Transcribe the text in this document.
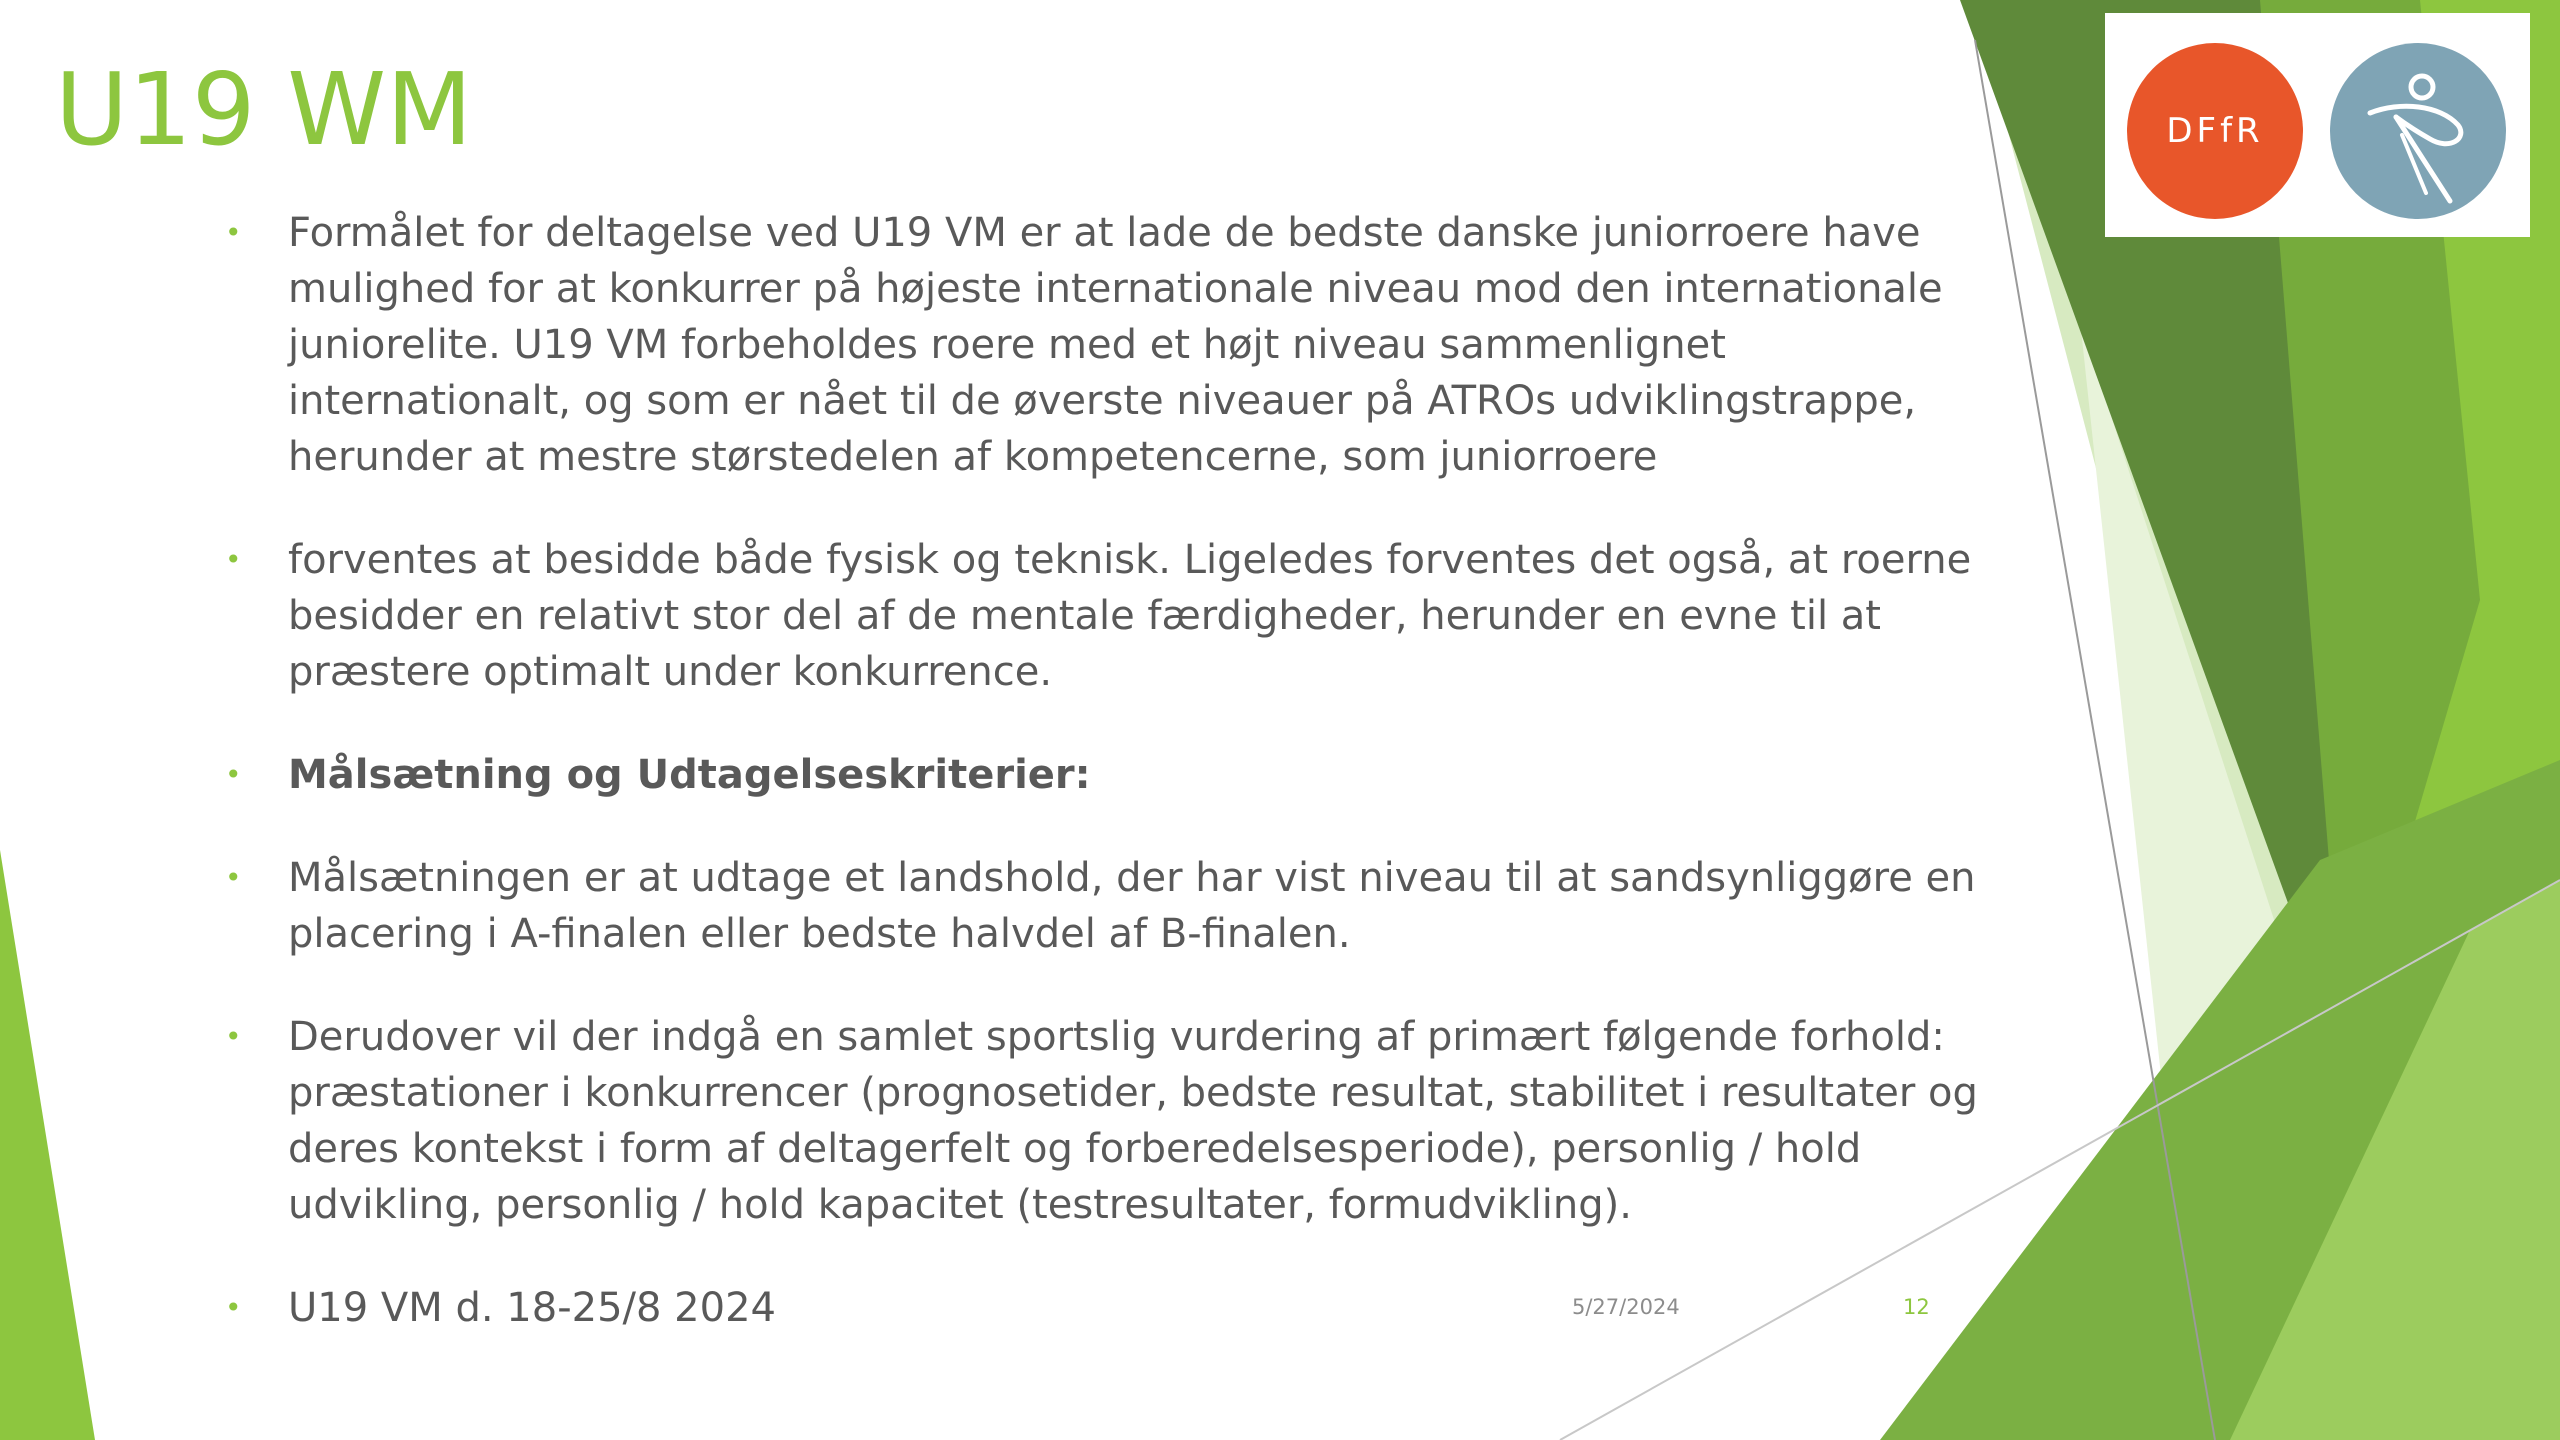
U19 WM
• Formålet for deltagelse ved U19 VM er at lade de bedste danske juniorroere have mulighed for at konkurrer på højeste internationale niveau mod den internationale juniorelite. U19 VM forbeholdes roere med et højt niveau sammenlignet internationalt, og som er nået til de øverste niveauer på ATROs udviklingstrappe, herunder at mestre størstedelen af kompetencerne, som juniorroere
• forventes at besidde både fysisk og teknisk. Ligeledes forventes det også, at roerne besidder en relativt stor del af de mentale færdigheder, herunder en evne til at præstere optimalt under konkurrence.
• Målsætning og Udtagelseskriterier:
• Målsætningen er at udtage et landshold, der har vist niveau til at sandsynliggøre en placering i A-finalen eller bedste halvdel af B-finalen.
• Derudover vil der indgå en samlet sportslig vurdering af primært følgende forhold: præstationer i konkurrencer (prognosetider, bedste resultat, stabilitet i resultater og deres kontekst i form af deltagerfelt og forberedelsesperiode), personlig / hold udvikling, personlig / hold kapacitet (testresultater, formudvikling).
• U19 VM d. 18-25/8 2024
DFfR
5/27/2024	12
